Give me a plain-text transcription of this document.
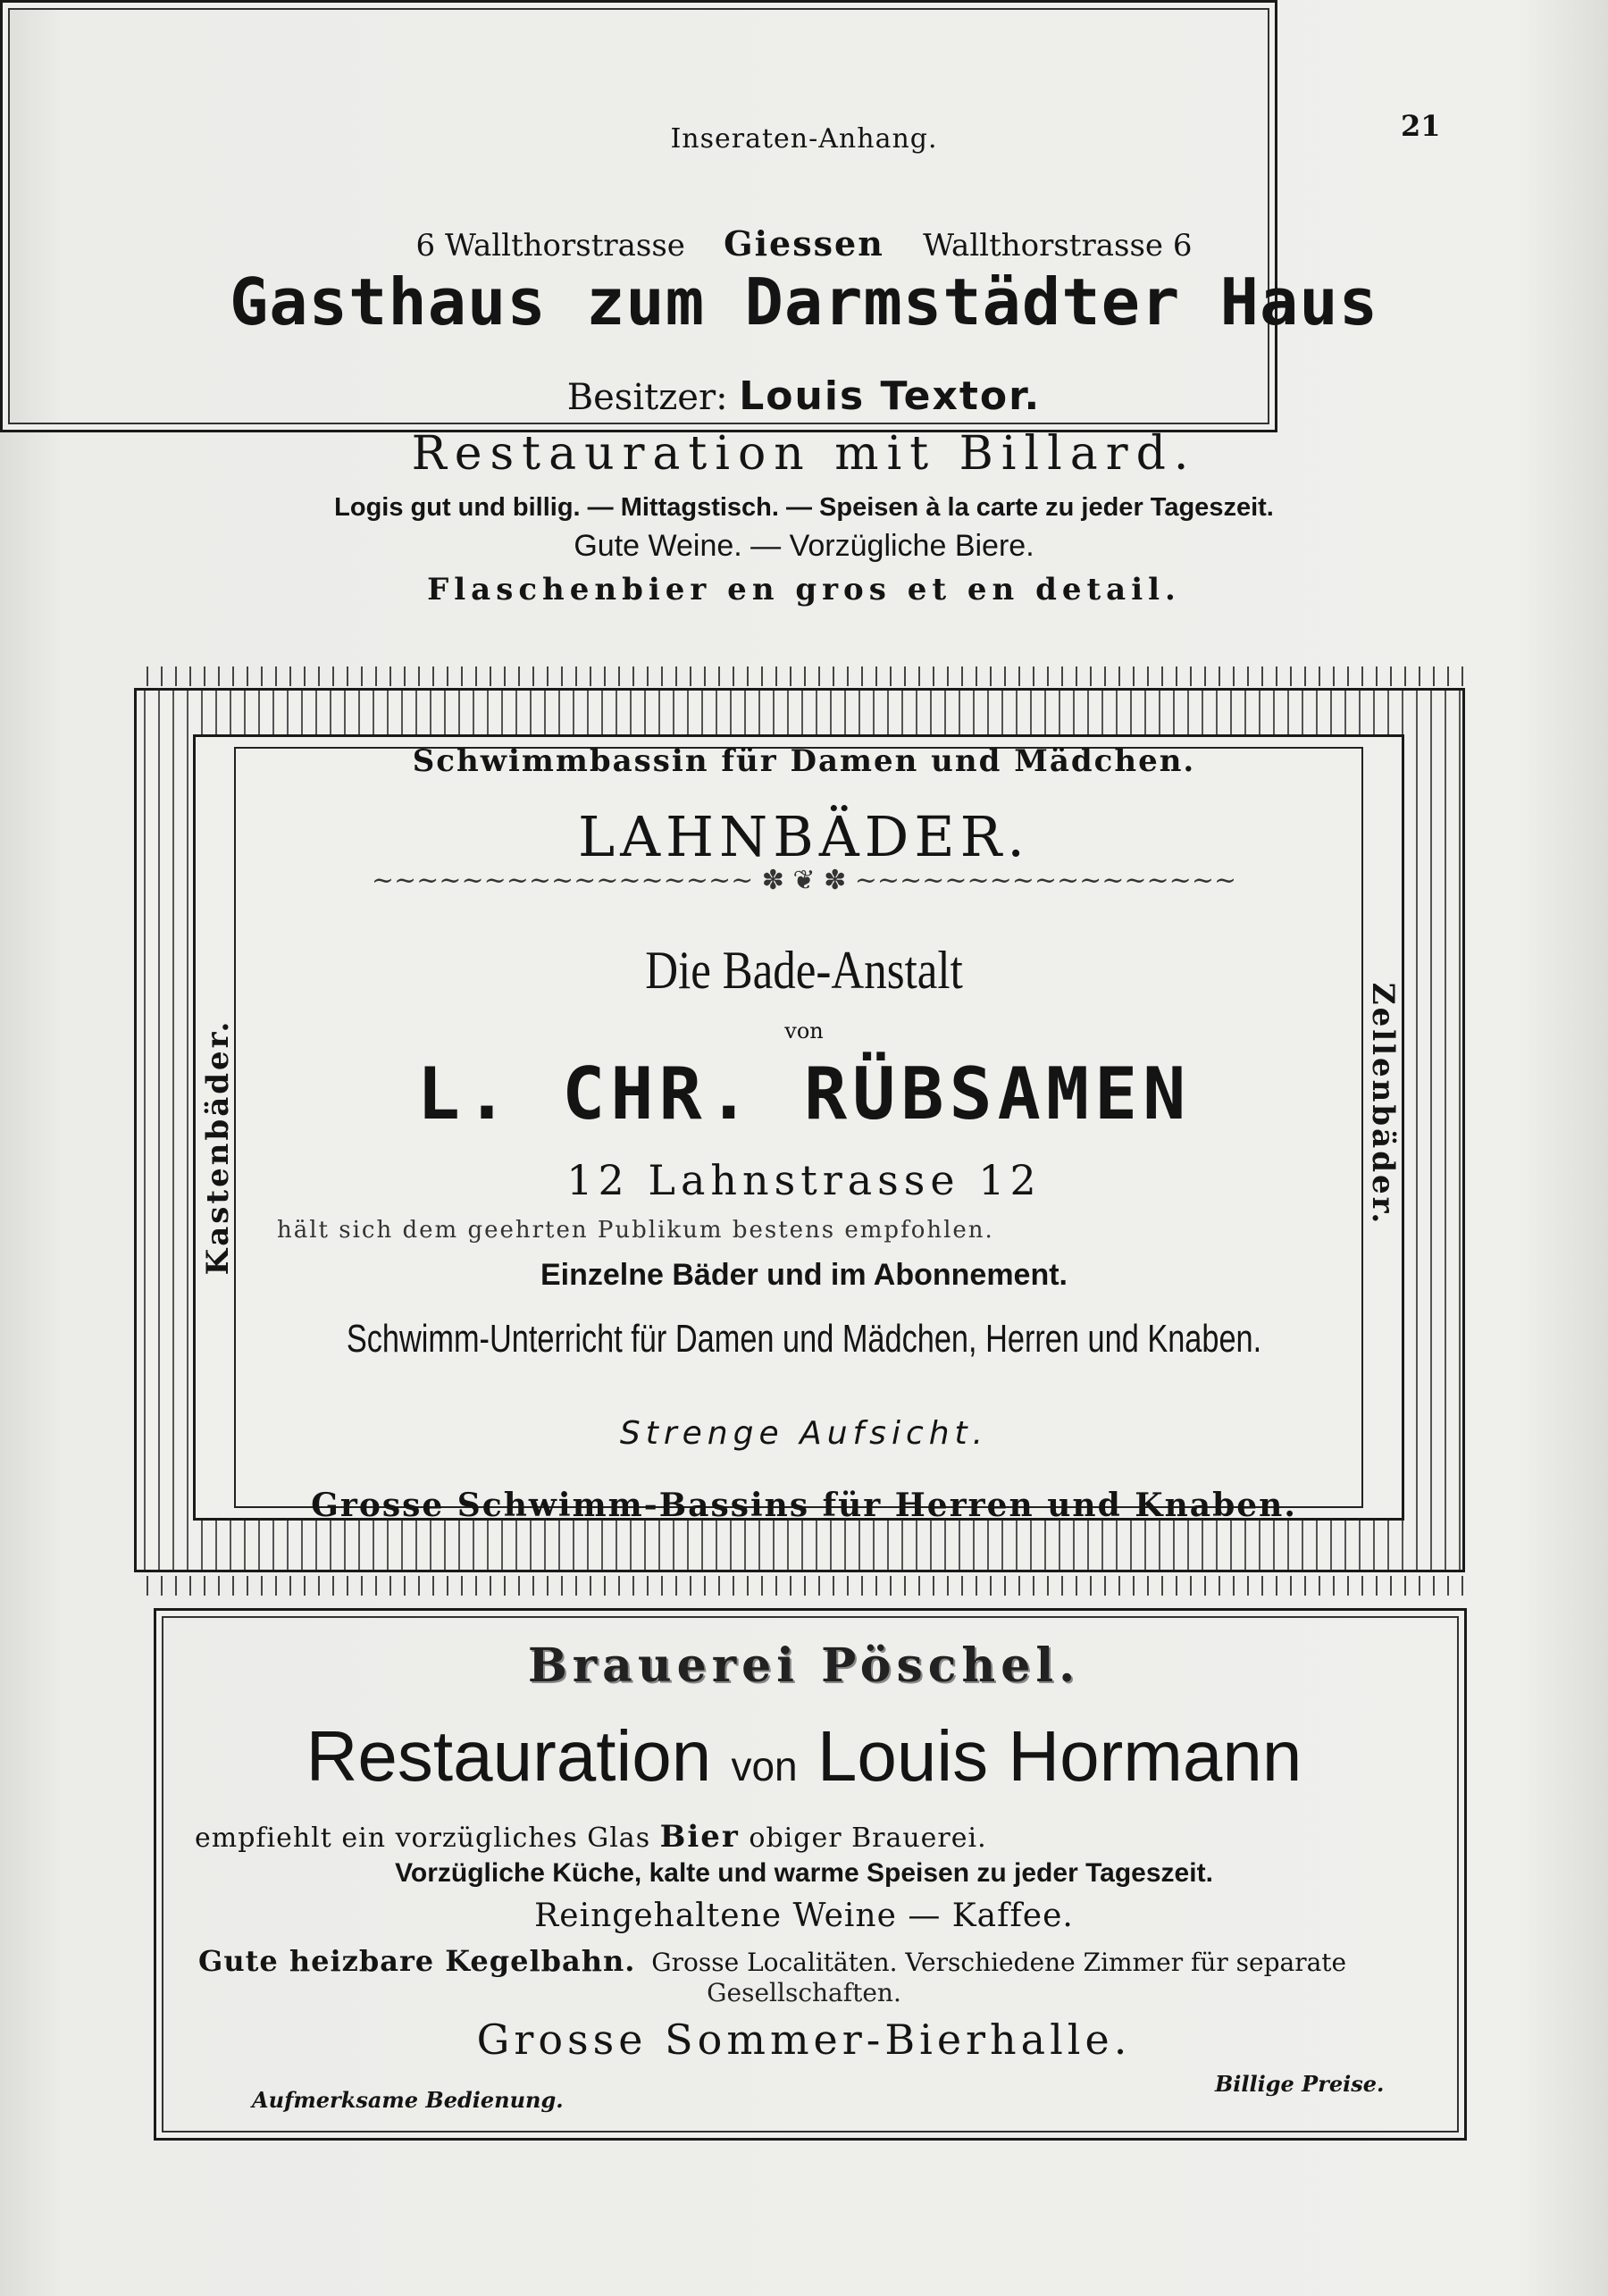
Inseraten-Anhang.	21
6 Wallthorstrasse Giessen Wallthorstrasse 6
Gasthaus zum Darmstädter Haus
Besitzer: Louis Textor.
Restauration mit Billard.
Logis gut und billig. — Mittagstisch. — Speisen à la carte zu jeder Tageszeit.
Gute Weine. — Vorzügliche Biere.
Flaschenbier en gros et en detail.
Schwimmbassin für Damen und Mädchen.
LAHNBÄDER.
~~~~~~~~~~~~~~~~~ ✽ ❦ ✽ ~~~~~~~~~~~~~~~~~
Die Bade-Anstalt
von
L. CHR. RÜBSAMEN
12 Lahnstrasse 12
hält sich dem geehrten Publikum bestens empfohlen.
Einzelne Bäder und im Abonnement.
Schwimm-Unterricht für Damen und Mädchen, Herren und Knaben.
Strenge Aufsicht.
Grosse Schwimm-Bassins für Herren und Knaben.
Kastenbäder.	Zellenbäder.
Brauerei Pöschel.
Restauration von Louis Hormann
empfiehlt ein vorzügliches Glas Bier obiger Brauerei.
Vorzügliche Küche, kalte und warme Speisen zu jeder Tageszeit.
Reingehaltene Weine — Kaffee.
Gute heizbare Kegelbahn. Grosse Localitäten. Verschiedene Zimmer für separate
Gesellschaften.
Grosse Sommer-Bierhalle.
Aufmerksame Bedienung.
Billige Preise.
